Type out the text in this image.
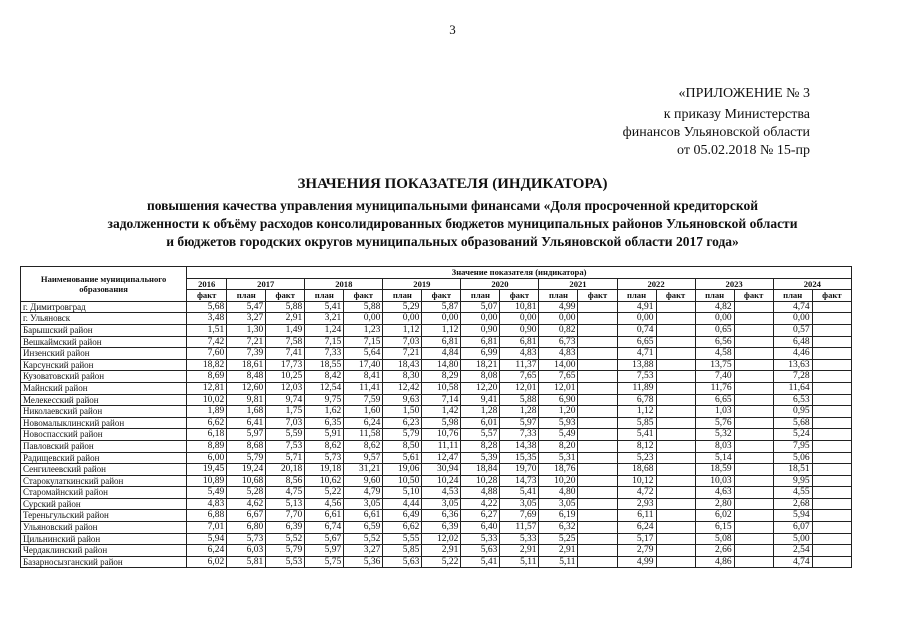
3
«ПРИЛОЖЕНИЕ № 3
к приказу Министерства
финансов Ульяновской области
от 05.02.2018 № 15-пр
ЗНАЧЕНИЯ ПОКАЗАТЕЛЯ (ИНДИКАТОРА)
повышения качества управления муниципальными финансами «Доля просроченной кредиторской
задолженности к объёму расходов консолидированных бюджетов муниципальных районов Ульяновской области
и бюджетов городских округов муниципальных образований Ульяновской области 2017 года»
Наименование муниципального образования	Значение показателя (индикатора)																
	2016	2017		2018		2019		2020		2021		2022		2023		2024	
	факт	план	факт	план	факт	план	факт	план	факт	план	факт	план	факт	план	факт	план	факт
г. Димитровград	5,68	5,47	5,88	5,41	5,88	5,29	5,87	5,07	10,81	4,99		4,91		4,82		4,74	
г. Ульяновск	3,48	3,27	2,91	3,21	0,00	0,00	0,00	0,00	0,00	0,00		0,00		0,00		0,00	
Барышский район	1,51	1,30	1,49	1,24	1,23	1,12	1,12	0,90	0,90	0,82		0,74		0,65		0,57	
Вешкаймский район	7,42	7,21	7,58	7,15	7,15	7,03	6,81	6,81	6,81	6,73		6,65		6,56		6,48	
Инзенский район	7,60	7,39	7,41	7,33	5,64	7,21	4,84	6,99	4,83	4,83		4,71		4,58		4,46	
Карсунский район	18,82	18,61	17,73	18,55	17,40	18,43	14,80	18,21	11,37	14,00		13,88		13,75		13,63	
Кузоватовский район	8,69	8,48	10,25	8,42	8,41	8,30	8,29	8,08	7,65	7,65		7,53		7,40		7,28	
Майнский район	12,81	12,60	12,03	12,54	11,41	12,42	10,58	12,20	12,01	12,01		11,89		11,76		11,64	
Мелекесский район	10,02	9,81	9,74	9,75	7,59	9,63	7,14	9,41	5,88	6,90		6,78		6,65		6,53	
Николаевский район	1,89	1,68	1,75	1,62	1,60	1,50	1,42	1,28	1,28	1,20		1,12		1,03		0,95	
Новомалыклинский район	6,62	6,41	7,03	6,35	6,24	6,23	5,98	6,01	5,97	5,93		5,85		5,76		5,68	
Новоспасский район	6,18	5,97	5,59	5,91	11,58	5,79	10,76	5,57	7,33	5,49		5,41		5,32		5,24	
Павловский район	8,89	8,68	7,53	8,62	8,62	8,50	11,11	8,28	14,38	8,20		8,12		8,03		7,95	
Радищевский район	6,00	5,79	5,71	5,73	9,57	5,61	12,47	5,39	15,35	5,31		5,23		5,14		5,06	
Сенгилеевский район	19,45	19,24	20,18	19,18	31,21	19,06	30,94	18,84	19,70	18,76		18,68		18,59		18,51	
Старокулаткинский район	10,89	10,68	8,56	10,62	9,60	10,50	10,24	10,28	14,73	10,20		10,12		10,03		9,95	
Старомайнский район	5,49	5,28	4,75	5,22	4,79	5,10	4,53	4,88	5,41	4,80		4,72		4,63		4,55	
Сурский район	4,83	4,62	5,13	4,56	3,05	4,44	3,05	4,22	3,05	3,05		2,93		2,80		2,68	
Тереньгульский район	6,88	6,67	7,70	6,61	6,61	6,49	6,36	6,27	7,69	6,19		6,11		6,02		5,94	
Ульяновский район	7,01	6,80	6,39	6,74	6,59	6,62	6,39	6,40	11,57	6,32		6,24		6,15		6,07	
Цильнинский район	5,94	5,73	5,52	5,67	5,52	5,55	12,02	5,33	5,33	5,25		5,17		5,08		5,00	
Чердаклинский район	6,24	6,03	5,79	5,97	3,27	5,85	2,91	5,63	2,91	2,91		2,79		2,66		2,54	
Базарносызганский район	6,02	5,81	5,53	5,75	5,36	5,63	5,22	5,41	5,11	5,11		4,99		4,86		4,74	
